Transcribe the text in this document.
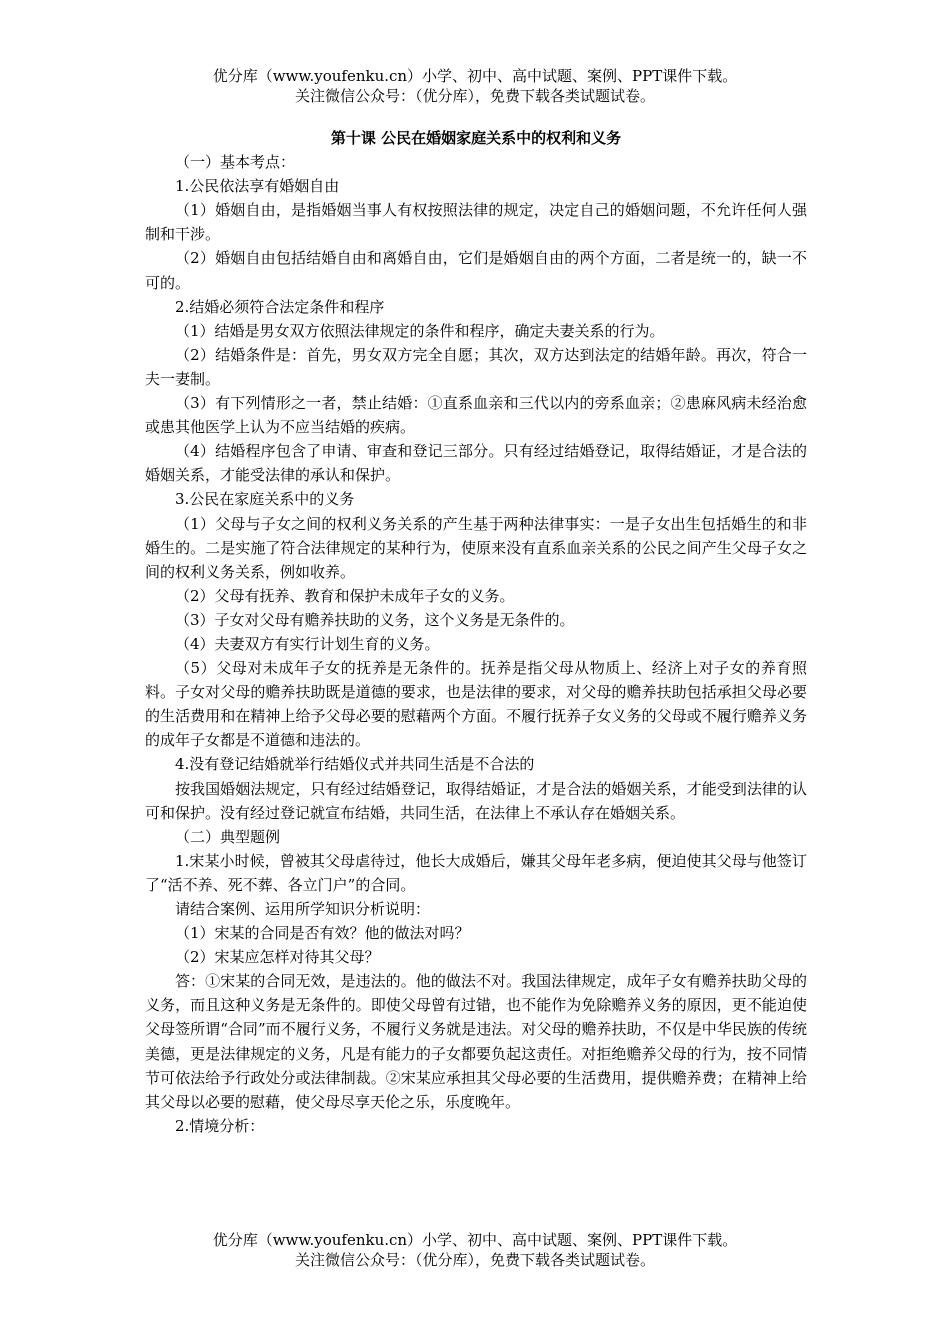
优分库（www.youfenku.cn）小学、初中、高中试题、案例、PPT课件下载。
关注微信公众号：（优分库），免费下载各类试题试卷。

第十课 公民在婚姻家庭关系中的权利和义务

（一）基本考点：

1.公民依法享有婚姻自由

（1）婚姻自由，是指婚姻当事人有权按照法律的规定，决定自己的婚姻问题，不允许任何人强制和干涉。

（2）婚姻自由包括结婚自由和离婚自由，它们是婚姻自由的两个方面，二者是统一的，缺一不可的。

2.结婚必须符合法定条件和程序

（1）结婚是男女双方依照法律规定的条件和程序，确定夫妻关系的行为。

（2）结婚条件是：首先，男女双方完全自愿；其次，双方达到法定的结婚年龄。再次，符合一夫一妻制。

（3）有下列情形之一者，禁止结婚：①直系血亲和三代以内的旁系血亲；②患麻风病未经治愈或患其他医学上认为不应当结婚的疾病。

（4）结婚程序包含了申请、审查和登记三部分。只有经过结婚登记，取得结婚证，才是合法的婚姻关系，才能受法律的承认和保护。

3.公民在家庭关系中的义务

（1）父母与子女之间的权利义务关系的产生基于两种法律事实：一是子女出生包括婚生的和非婚生的。二是实施了符合法律规定的某种行为，使原来没有直系血亲关系的公民之间产生父母子女之间的权利义务关系，例如收养。

（2）父母有抚养、教育和保护未成年子女的义务。

（3）子女对父母有赡养扶助的义务，这个义务是无条件的。

（4）夫妻双方有实行计划生育的义务。

（5）父母对未成年子女的抚养是无条件的。抚养是指父母从物质上、经济上对子女的养育照料。子女对父母的赡养扶助既是道德的要求，也是法律的要求，对父母的赡养扶助包括承担父母必要的生活费用和在精神上给予父母必要的慰藉两个方面。不履行抚养子女义务的父母或不履行赡养义务的成年子女都是不道德和违法的。

4.没有登记结婚就举行结婚仪式并共同生活是不合法的

按我国婚姻法规定，只有经过结婚登记，取得结婚证，才是合法的婚姻关系，才能受到法律的认可和保护。没有经过登记就宣布结婚，共同生活，在法律上不承认存在婚姻关系。

（二）典型题例

1.宋某小时候，曾被其父母虐待过，他长大成婚后，嫌其父母年老多病，便迫使其父母与他签订了“活不养、死不葬、各立门户”的合同。

请结合案例、运用所学知识分析说明：

（1）宋某的合同是否有效？他的做法对吗？

（2）宋某应怎样对待其父母？

答：①宋某的合同无效，是违法的。他的做法不对。我国法律规定，成年子女有赡养扶助父母的义务，而且这种义务是无条件的。即使父母曾有过错，也不能作为免除赡养义务的原因，更不能迫使父母签所谓“合同”而不履行义务，不履行义务就是违法。对父母的赡养扶助，不仅是中华民族的传统美德，更是法律规定的义务，凡是有能力的子女都要负起这责任。对拒绝赡养父母的行为，按不同情节可依法给予行政处分或法律制裁。②宋某应承担其父母必要的生活费用，提供赡养费；在精神上给其父母以必要的慰藉，使父母尽享天伦之乐，乐度晚年。

2.情境分析：

优分库（www.youfenku.cn）小学、初中、高中试题、案例、PPT课件下载。
关注微信公众号：（优分库），免费下载各类试题试卷。
